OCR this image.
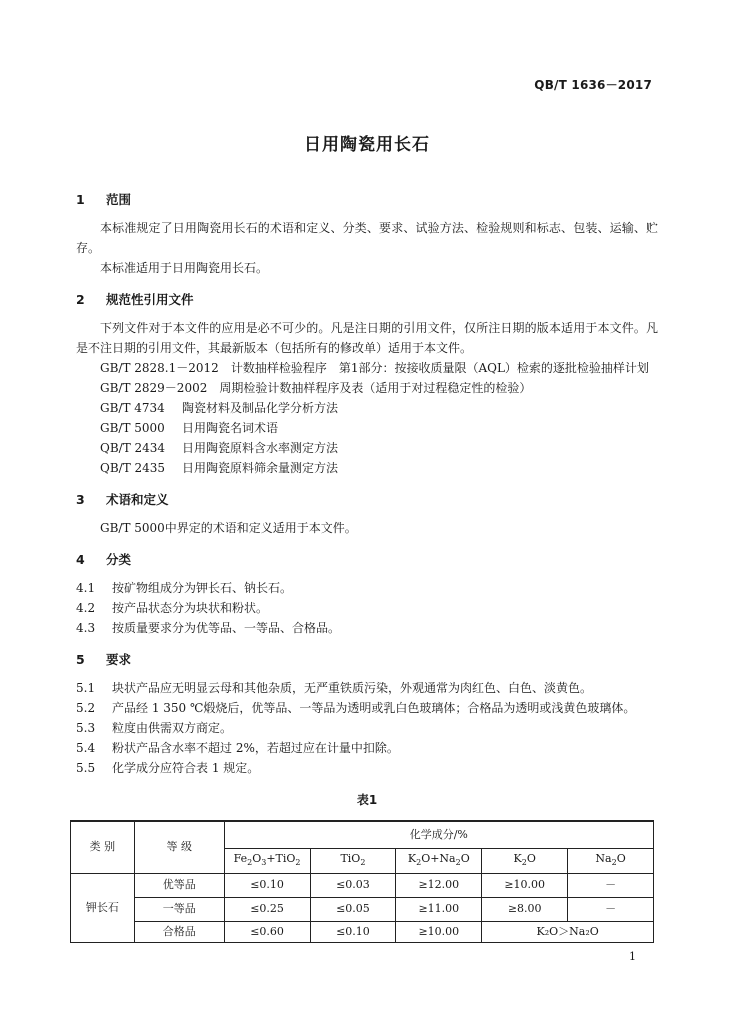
QB/T 1636－2017
日用陶瓷用长石

1 范围

本标准规定了日用陶瓷用长石的术语和定义、分类、要求、试验方法、检验规则和标志、包装、运输、贮存。

本标准适用于日用陶瓷用长石。

2 规范性引用文件

下列文件对于本文件的应用是必不可少的。凡是注日期的引用文件，仅所注日期的版本适用于本文件。凡是不注日期的引用文件，其最新版本（包括所有的修改单）适用于本文件。

GB/T 2828.1－2012　 计数抽样检验程序　第1部分：按接收质量限（AQL）检索的逐批检验抽样计划

GB/T 2829－2002　 周期检验计数抽样程序及表（适用于对过程稳定性的检验）

GB/T 4734　 陶瓷材料及制品化学分析方法

GB/T 5000　 日用陶瓷名词术语

QB/T 2434　 日用陶瓷原料含水率测定方法

QB/T 2435　 日用陶瓷原料筛余量测定方法

3 术语和定义

GB/T 5000中界定的术语和定义适用于本文件。

4 分类

4.1 按矿物组成分为钾长石、钠长石。

4.2 按产品状态分为块状和粉状。

4.3 按质量要求分为优等品、一等品、合格品。

5 要求

5.1 块状产品应无明显云母和其他杂质，无严重铁质污染，外观通常为肉红色、白色、淡黄色。

5.2 产品经 1 350 ℃煅烧后，优等品、一等品为透明或乳白色玻璃体；合格品为透明或浅黄色玻璃体。

5.3 粒度由供需双方商定。

5.4 粉状产品含水率不超过 2%，若超过应在计量中扣除。

5.5 化学成分应符合表 1 规定。

表1
类 别	等 级	化学成分/%				
		$Fe_2O_3+TiO_2$	TiO$_2$	$K_2O+Na_2O$	$K_2O$	$Na_2O$
钾长石	优等品	≤0.10	≤0.03	≥12.00	≥10.00	－
	一等品	≤0.25	≤0.05	≥11.00	≥8.00	－
	合格品	≤0.60	≤0.10	≥10.00	K₂O＞Na₂O	
1
